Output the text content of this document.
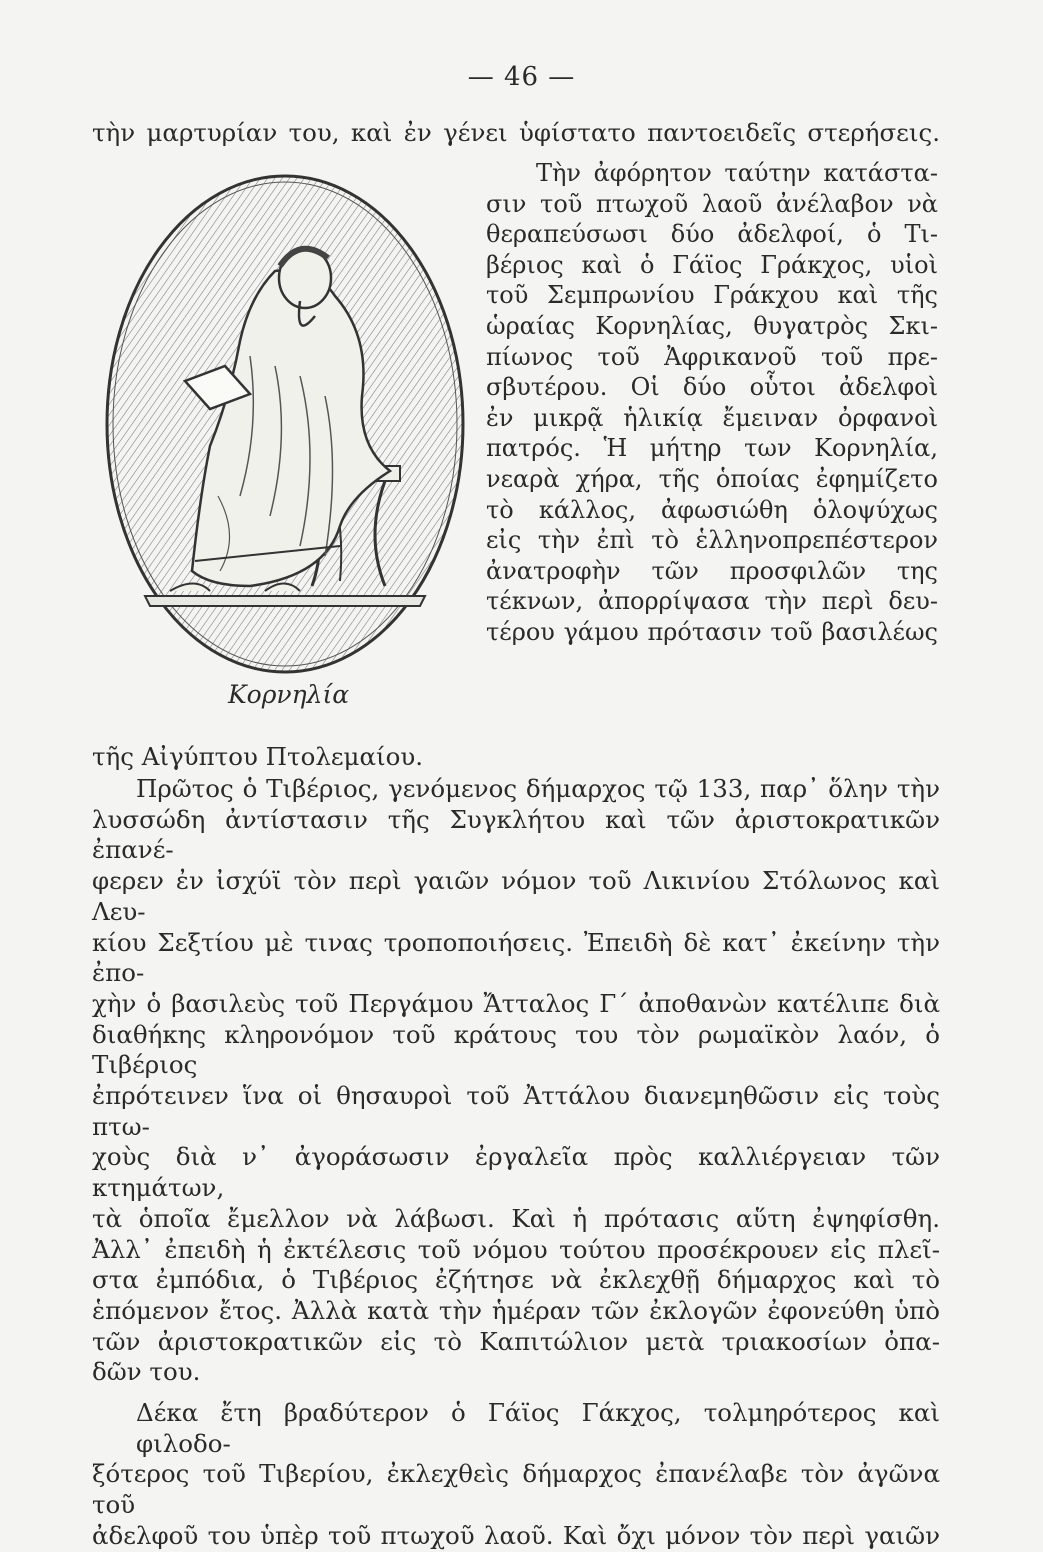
— 46 —
τὴν μαρτυρίαν του, καὶ ἐν γένει ὑφίστατο παντοειδεῖς στερήσεις.
Τὴν ἀφόρητον ταύτην κατάστα-
σιν τοῦ πτωχοῦ λαοῦ ἀνέλαβον νὰ
θεραπεύσωσι δύο ἀδελφοί, ὁ Τι-
βέριος καὶ ὁ Γάϊος Γράκχος, υἱοὶ
τοῦ Σεμπρωνίου Γράκχου καὶ τῆς
ὡραίας Κορνηλίας, θυγατρὸς Σκι-
πίωνος τοῦ Ἀφρικανοῦ τοῦ πρε-
σβυτέρου. Οἱ δύο οὗτοι ἀδελφοὶ
ἐν μικρᾷ ἡλικίᾳ ἔμειναν ὀρφανοὶ
πατρός. Ἡ μήτηρ των Κορνηλία,
νεαρὰ χήρα, τῆς ὁποίας ἐφημίζετο
τὸ κάλλος, ἀφωσιώθη ὁλοψύχως
εἰς τὴν ἐπὶ τὸ ἑλληνοπρεπέστερον
ἀνατροφὴν τῶν προσφιλῶν της
τέκνων, ἀπορρίψασα τὴν περὶ δευ-
τέρου γάμου πρότασιν τοῦ βασιλέως
Κορνηλία
τῆς Αἰγύπτου Πτολεμαίου.
Πρῶτος ὁ Τιβέριος, γενόμενος δήμαρχος τῷ 133, παρ᾽ ὅλην τὴν
λυσσώδη ἀντίστασιν τῆς Συγκλήτου καὶ τῶν ἀριστοκρατικῶν ἐπανέ-
φερεν ἐν ἰσχύϊ τὸν περὶ γαιῶν νόμον τοῦ Λικινίου Στόλωνος καὶ Λευ-
κίου Σεξτίου μὲ τινας τροποποιήσεις. Ἐπειδὴ δὲ κατ᾽ ἐκείνην τὴν ἐπο-
χὴν ὁ βασιλεὺς τοῦ Περγάμου Ἄτταλος Γ´ ἀποθανὼν κατέλιπε διὰ
διαθήκης κληρονόμον τοῦ κράτους του τὸν ρωμαϊκὸν λαόν, ὁ Τιβέριος
ἐπρότεινεν ἵνα οἱ θησαυροὶ τοῦ Ἀττάλου διανεμηθῶσιν εἰς τοὺς πτω-
χοὺς διὰ ν᾽ ἀγοράσωσιν ἐργαλεῖα πρὸς καλλιέργειαν τῶν κτημάτων,
τὰ ὁποῖα ἔμελλον νὰ λάβωσι. Καὶ ἡ πρότασις αὕτη ἐψηφίσθη.
Ἀλλ᾽ ἐπειδὴ ἡ ἐκτέλεσις τοῦ νόμου τούτου προσέκρουεν εἰς πλεῖ-
στα ἐμπόδια, ὁ Τιβέριος ἐζήτησε νὰ ἐκλεχθῇ δήμαρχος καὶ τὸ
ἑπόμενον ἔτος. Ἀλλὰ κατὰ τὴν ἡμέραν τῶν ἐκλογῶν ἐφονεύθη ὑπὸ
τῶν ἀριστοκρατικῶν εἰς τὸ Καπιτώλιον μετὰ τριακοσίων ὀπα-
δῶν του.
Δέκα ἔτη βραδύτερον ὁ Γάϊος Γάκχος, τολμηρότερος καὶ φιλοδο-
ξότερος τοῦ Τιβερίου, ἐκλεχθεὶς δήμαρχος ἐπανέλαβε τὸν ἀγῶνα τοῦ
ἀδελφοῦ του ὑπὲρ τοῦ πτωχοῦ λαοῦ. Καὶ ὄχι μόνον τὸν περὶ γαιῶν
